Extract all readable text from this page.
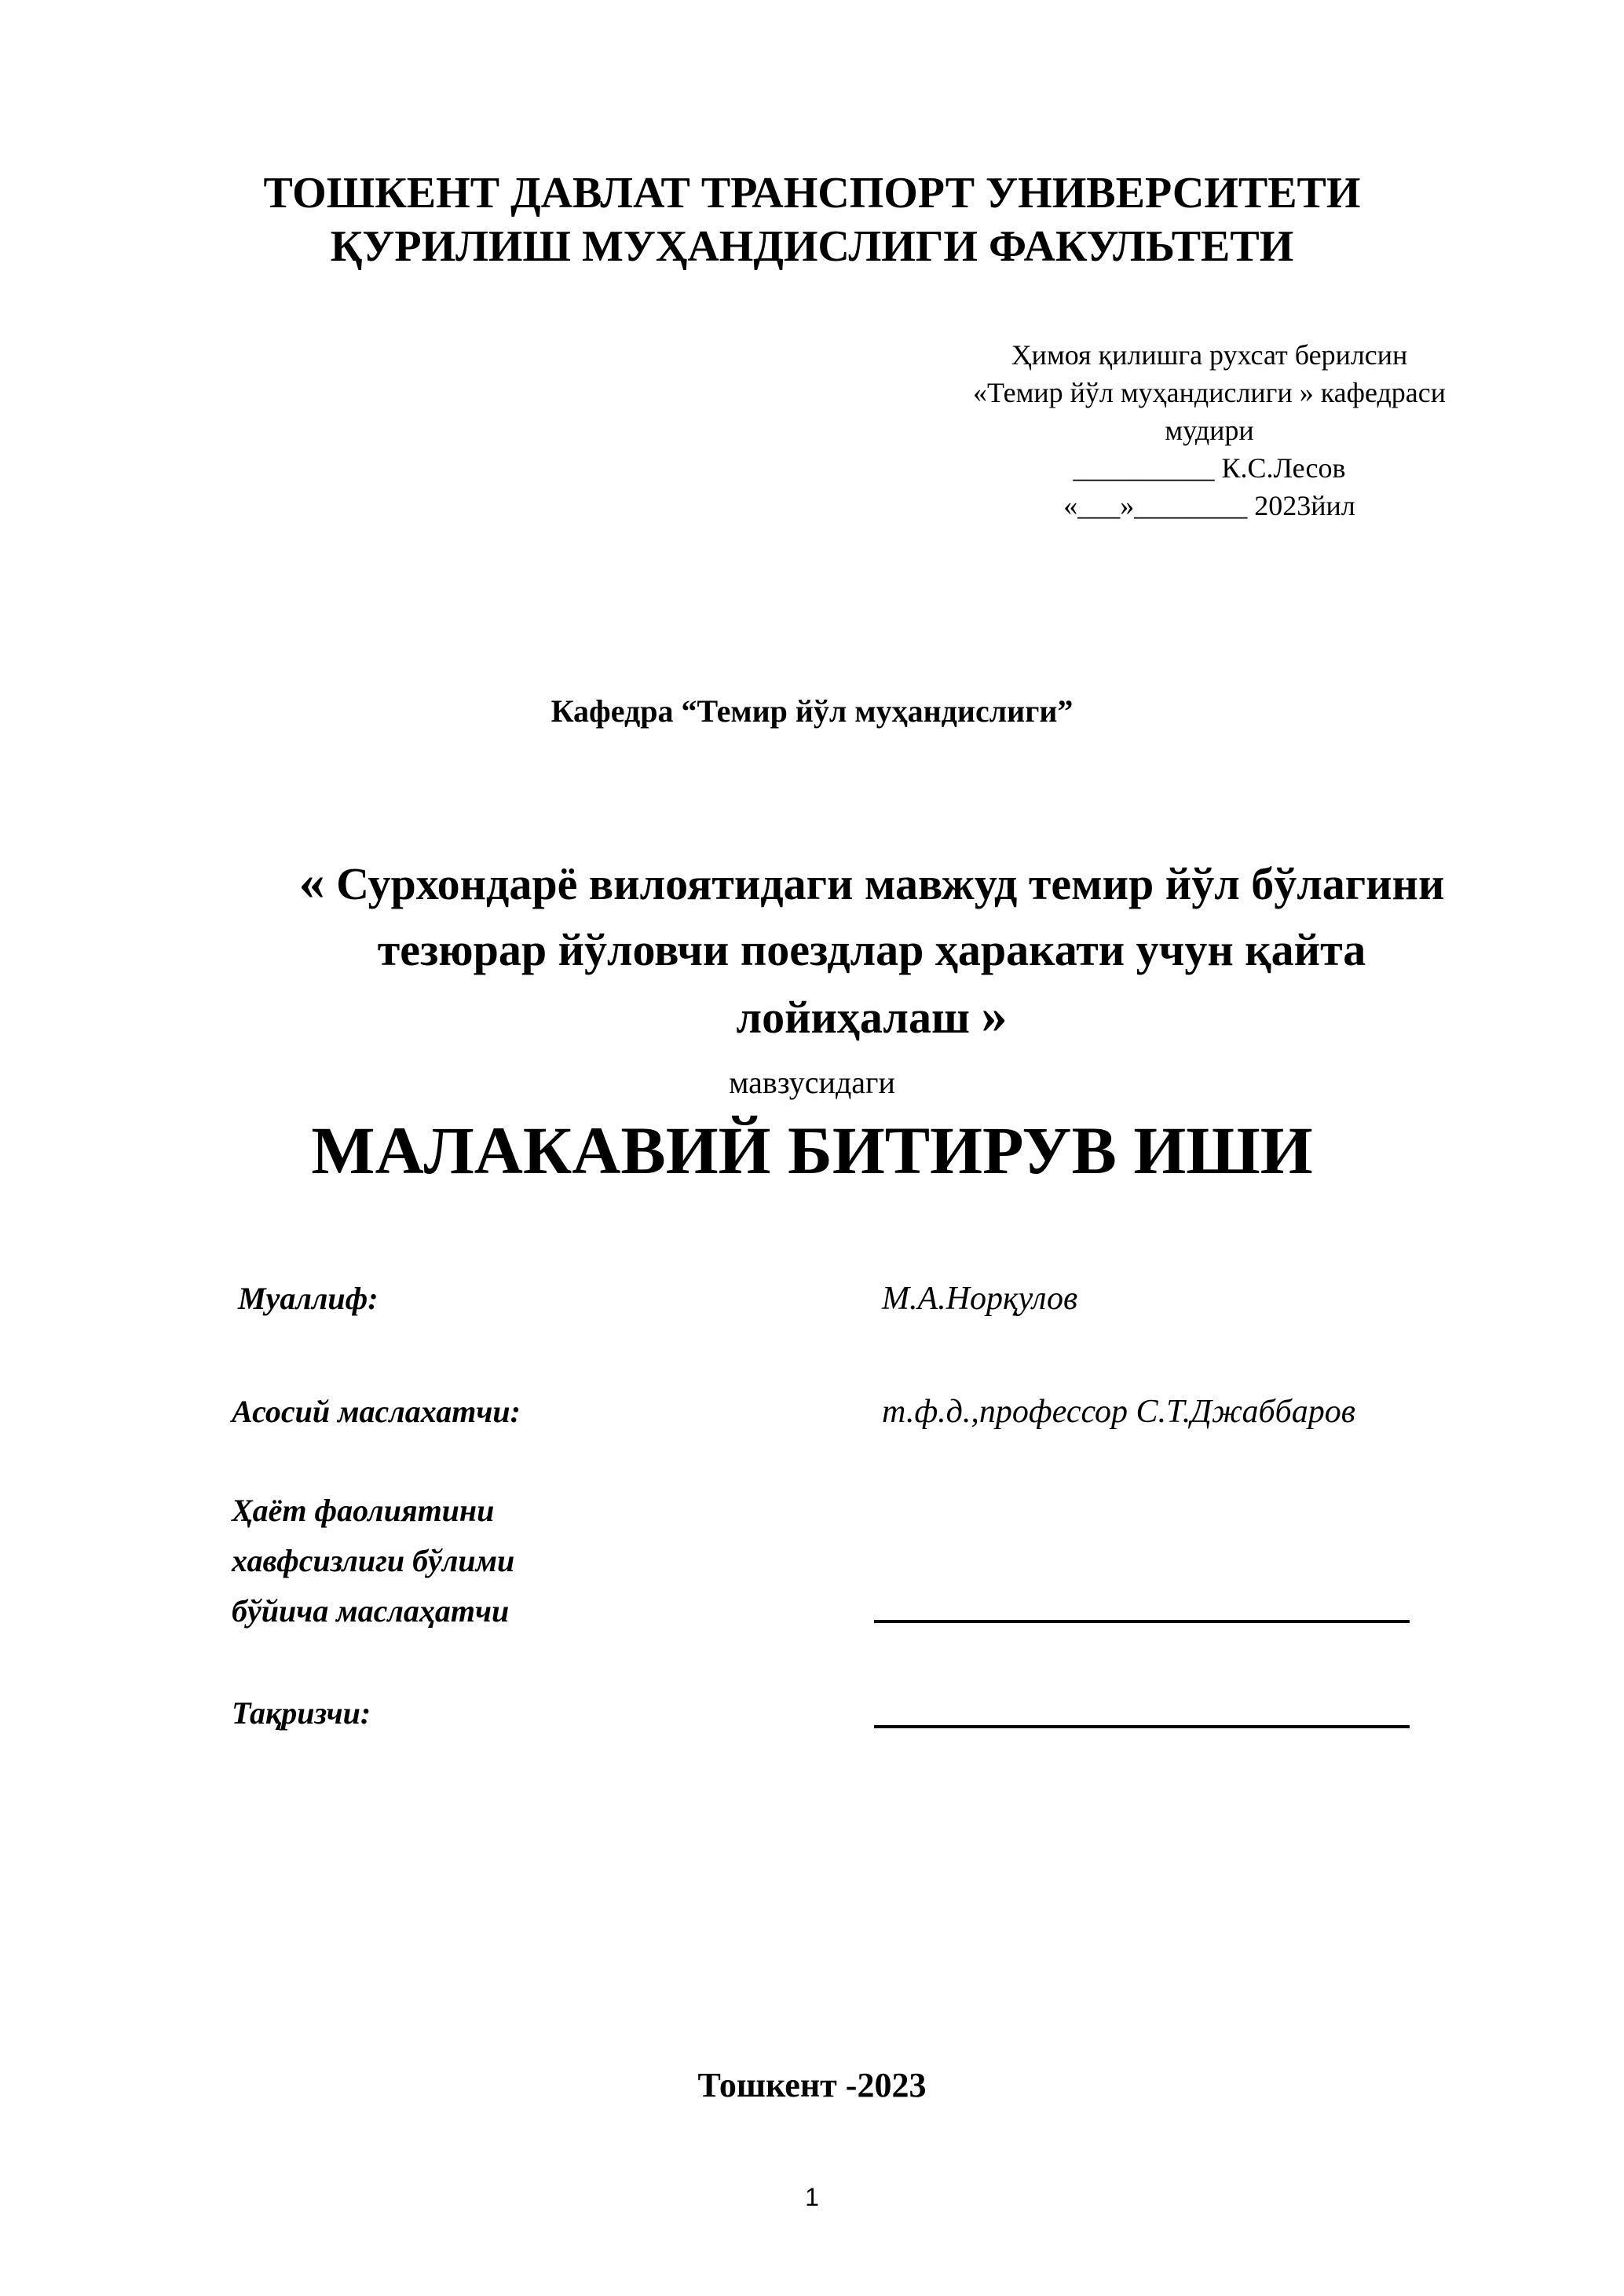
ТОШКЕНТ ДАВЛАТ ТРАНСПОРТ УНИВЕРСИТЕТИ
ҚУРИЛИШ МУҲАНДИСЛИГИ ФАКУЛЬТЕТИ
Ҳимоя қилишга рухсат берилсин
«Темир йўл муҳандислиги » кафедраси
мудири
__________ К.С.Лесов
«___»________ 2023йил
Кафедра “Темир йўл муҳандислиги”
« Сурхондарё вилоятидаги мавжуд темир йўл бўлагини
тезюрар йўловчи поездлар ҳаракати учун қайта
лойиҳалаш »
мавзусидаги
МАЛАКАВИЙ БИТИРУВ ИШИ
Муаллиф:	М.А.Норқулов
Асосий маслахатчи:	т.ф.д.,профессор С.Т.Джаббаров
Ҳаёт фаолиятини
хавфсизлиги бўлими
бўйича маслаҳатчи
Тақризчи:
Тошкент -2023
1
